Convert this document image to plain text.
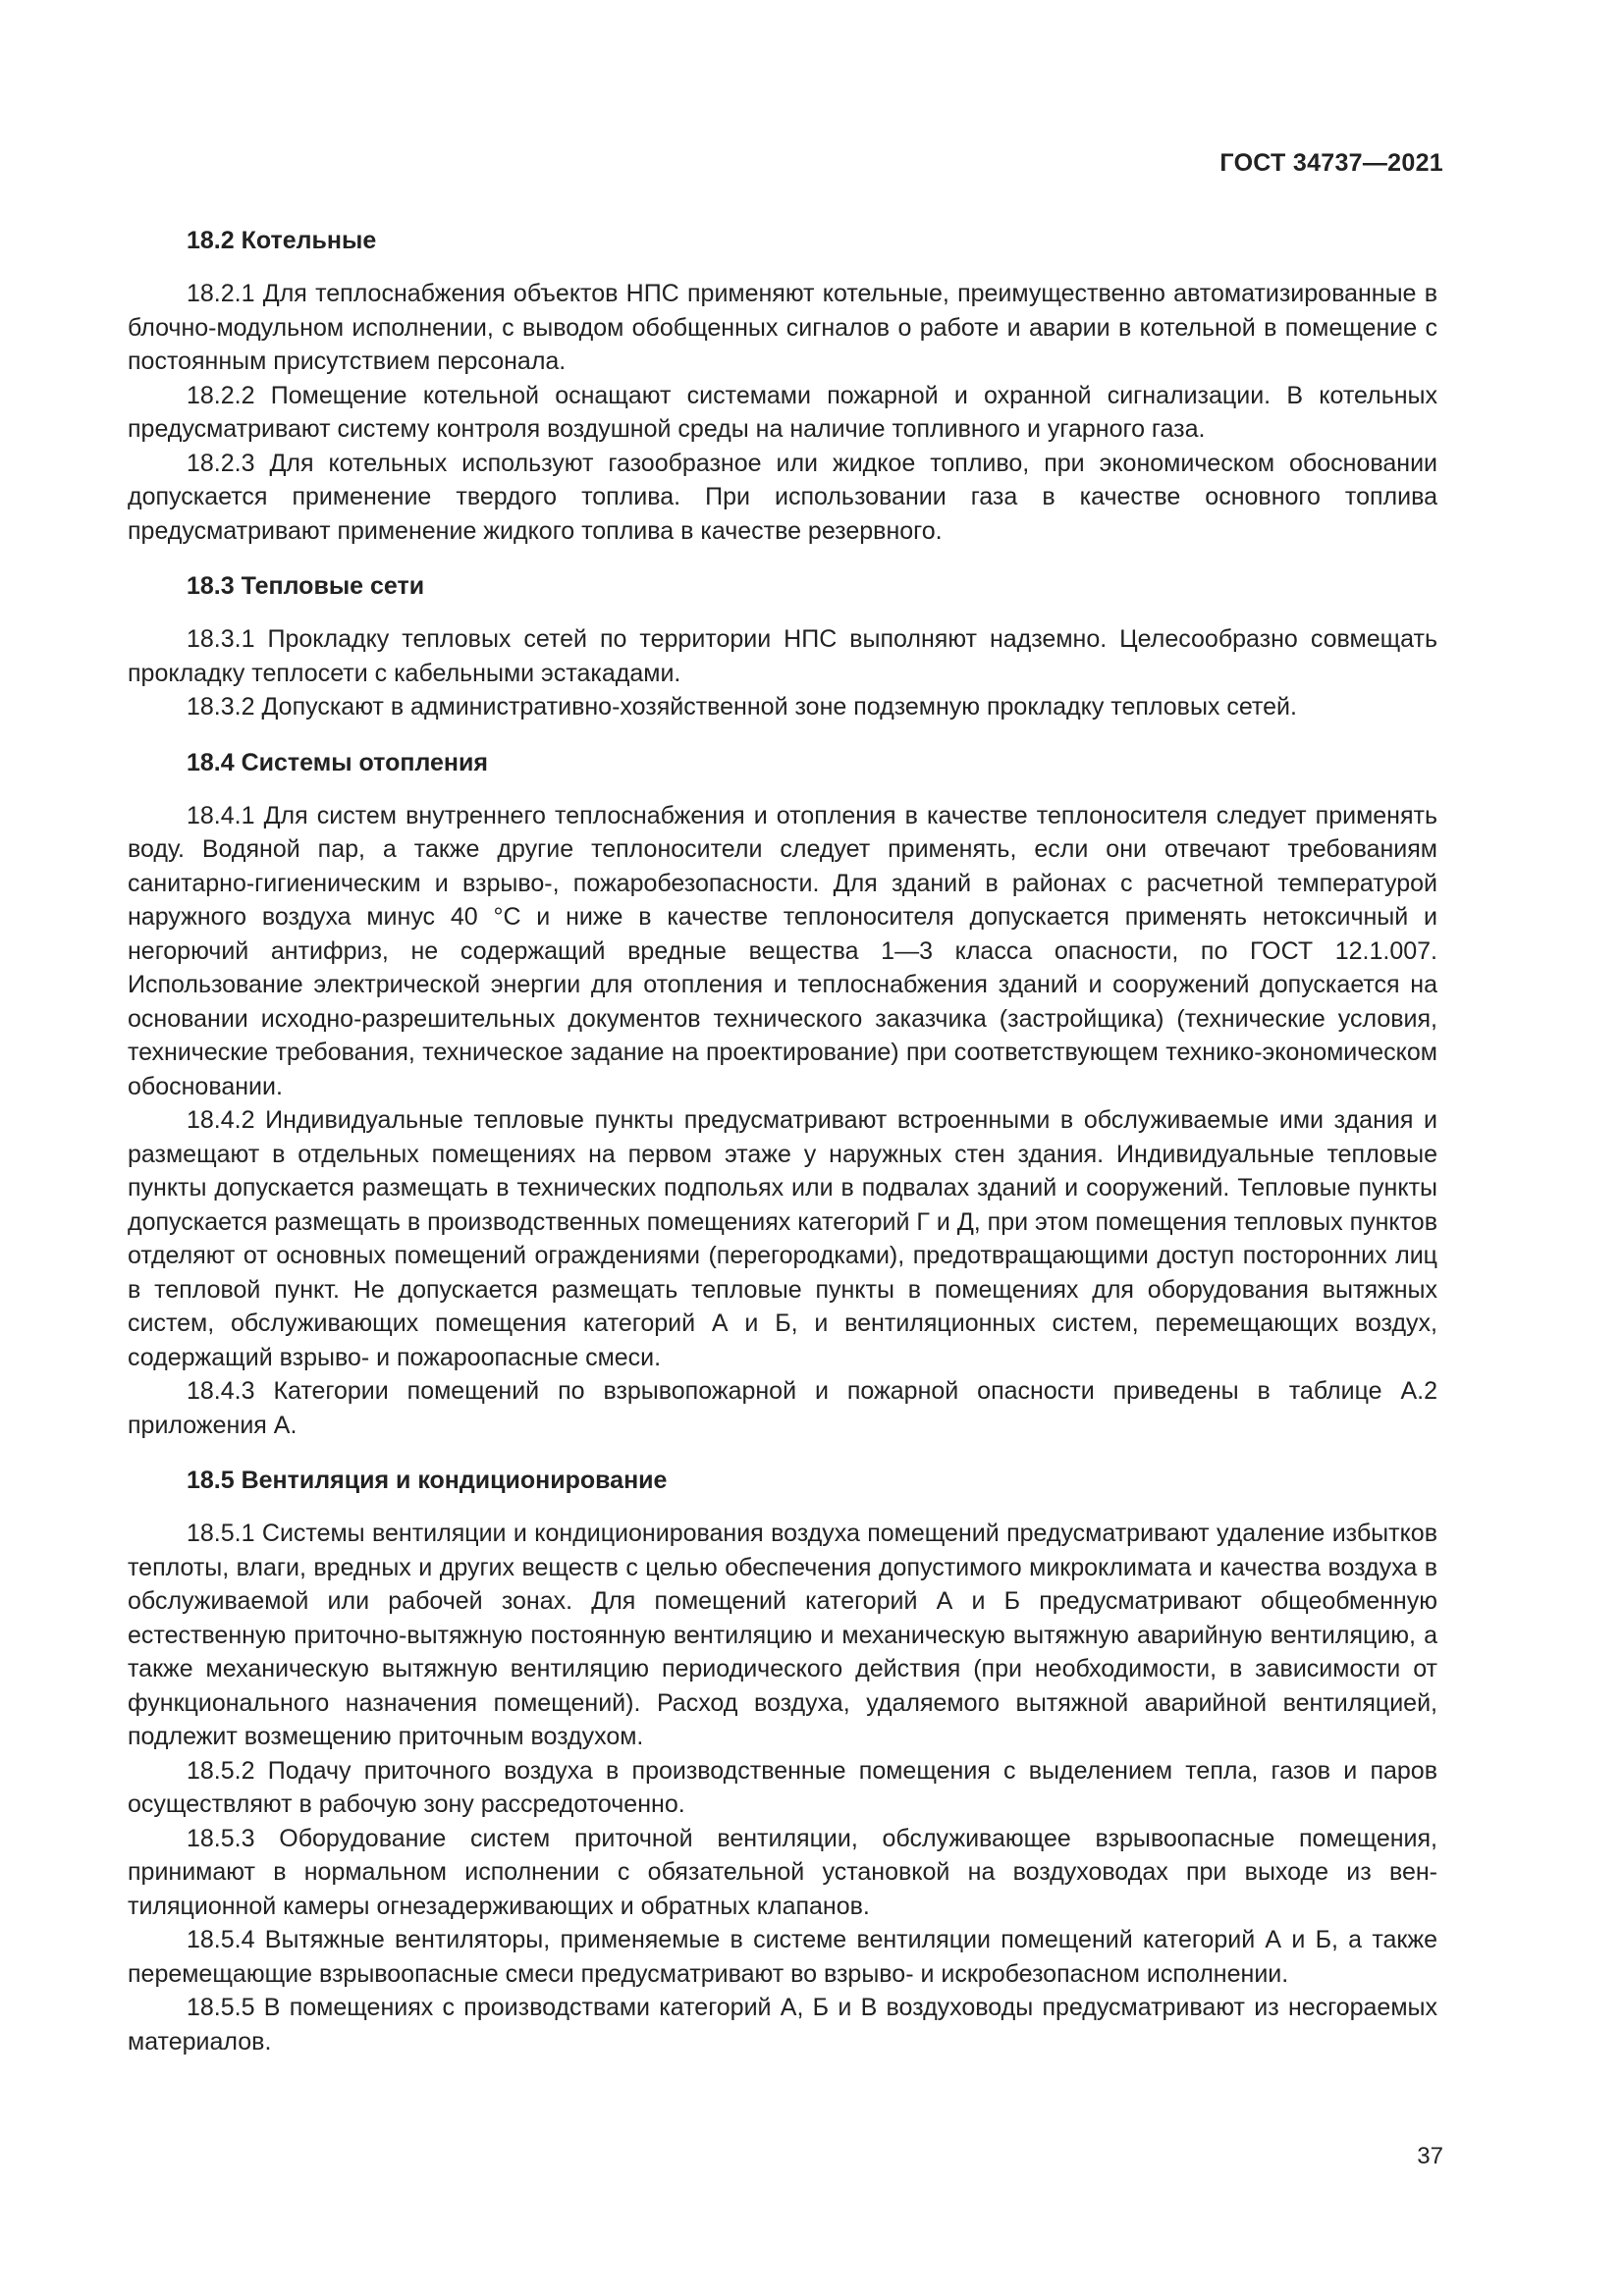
ГОСТ 34737—2021
18.2 Котельные

18.2.1 Для теплоснабжения объектов НПС применяют котельные, преимущественно автоматизированные в блочно-модульном исполнении, с выводом обобщенных сигналов о работе и аварии в котельной в помещение с постоянным присутствием персонала.

18.2.2 Помещение котельной оснащают системами пожарной и охранной сигнализации. В котельных предусматривают систему контроля воздушной среды на наличие топливного и угарного газа.

18.2.3 Для котельных используют газообразное или жидкое топливо, при экономическом обосновании допускается применение твердого топлива. При использовании газа в качестве основного топлива предусматривают применение жидкого топлива в качестве резервного.

18.3 Тепловые сети

18.3.1 Прокладку тепловых сетей по территории НПС выполняют надземно. Целесообразно совмещать прокладку теплосети с кабельными эстакадами.

18.3.2 Допускают в административно-хозяйственной зоне подземную прокладку тепловых сетей.

18.4 Системы отопления

18.4.1 Для систем внутреннего теплоснабжения и отопления в качестве теплоносителя следует применять воду. Водяной пар, а также другие теплоносители следует применять, если они отвечают требованиям санитарно-гигиеническим и взрыво-, пожаробезопасности. Для зданий в районах с расчетной температурой наружного воздуха минус 40 °С и ниже в качестве теплоносителя допускается применять нетоксичный и негорючий антифриз, не содержащий вредные вещества 1—3 класса опасности, по ГОСТ 12.1.007. Использование электрической энергии для отопления и теплоснабжения зданий и сооружений допускается на основании исходно-разрешительных документов технического заказчика (застройщика) (технические условия, технические требования, техническое задание на проектирование) при соответствующем технико-экономическом обосновании.

18.4.2 Индивидуальные тепловые пункты предусматривают встроенными в обслуживаемые ими здания и размещают в отдельных помещениях на первом этаже у наружных стен здания. Индивидуальные тепловые пункты допускается размещать в технических подпольях или в подвалах зданий и сооружений. Тепловые пункты допускается размещать в производственных помещениях категорий Г и Д, при этом помещения тепловых пунктов отделяют от основных помещений ограждениями (перегородками), предотвращающими доступ посторонних лиц в тепловой пункт. Не допускается размещать тепловые пункты в помещениях для оборудования вытяжных систем, обслуживающих помещения категорий А и Б, и вентиляционных систем, перемещающих воздух, содержащий взрыво- и пожароопасные смеси.

18.4.3 Категории помещений по взрывопожарной и пожарной опасности приведены в таблице А.2 приложения А.

18.5 Вентиляция и кондиционирование

18.5.1 Системы вентиляции и кондиционирования воздуха помещений предусматривают удаление избытков теплоты, влаги, вредных и других веществ с целью обеспечения допустимого микроклимата и качества воздуха в обслуживаемой или рабочей зонах. Для помещений категорий А и Б предусматривают общеобменную естественную приточно-вытяжную постоянную вентиляцию и механическую вытяжную аварийную вентиляцию, а также механическую вытяжную вентиляцию периодического действия (при необходимости, в зависимости от функционального назначения помещений). Расход воздуха, удаляемого вытяжной аварийной вентиляцией, подлежит возмещению приточным воздухом.

18.5.2 Подачу приточного воздуха в производственные помещения с выделением тепла, газов и паров осуществляют в рабочую зону рассредоточенно.

18.5.3 Оборудование систем приточной вентиляции, обслуживающее взрывоопасные помещения, принимают в нормальном исполнении с обязательной установкой на воздуховодах при выходе из вентиляционной камеры огнезадерживающих и обратных клапанов.

18.5.4 Вытяжные вентиляторы, применяемые в системе вентиляции помещений категорий А и Б, а также перемещающие взрывоопасные смеси предусматривают во взрыво- и искробезопасном исполнении.

18.5.5 В помещениях с производствами категорий А, Б и В воздуховоды предусматривают из несгораемых материалов.

37
